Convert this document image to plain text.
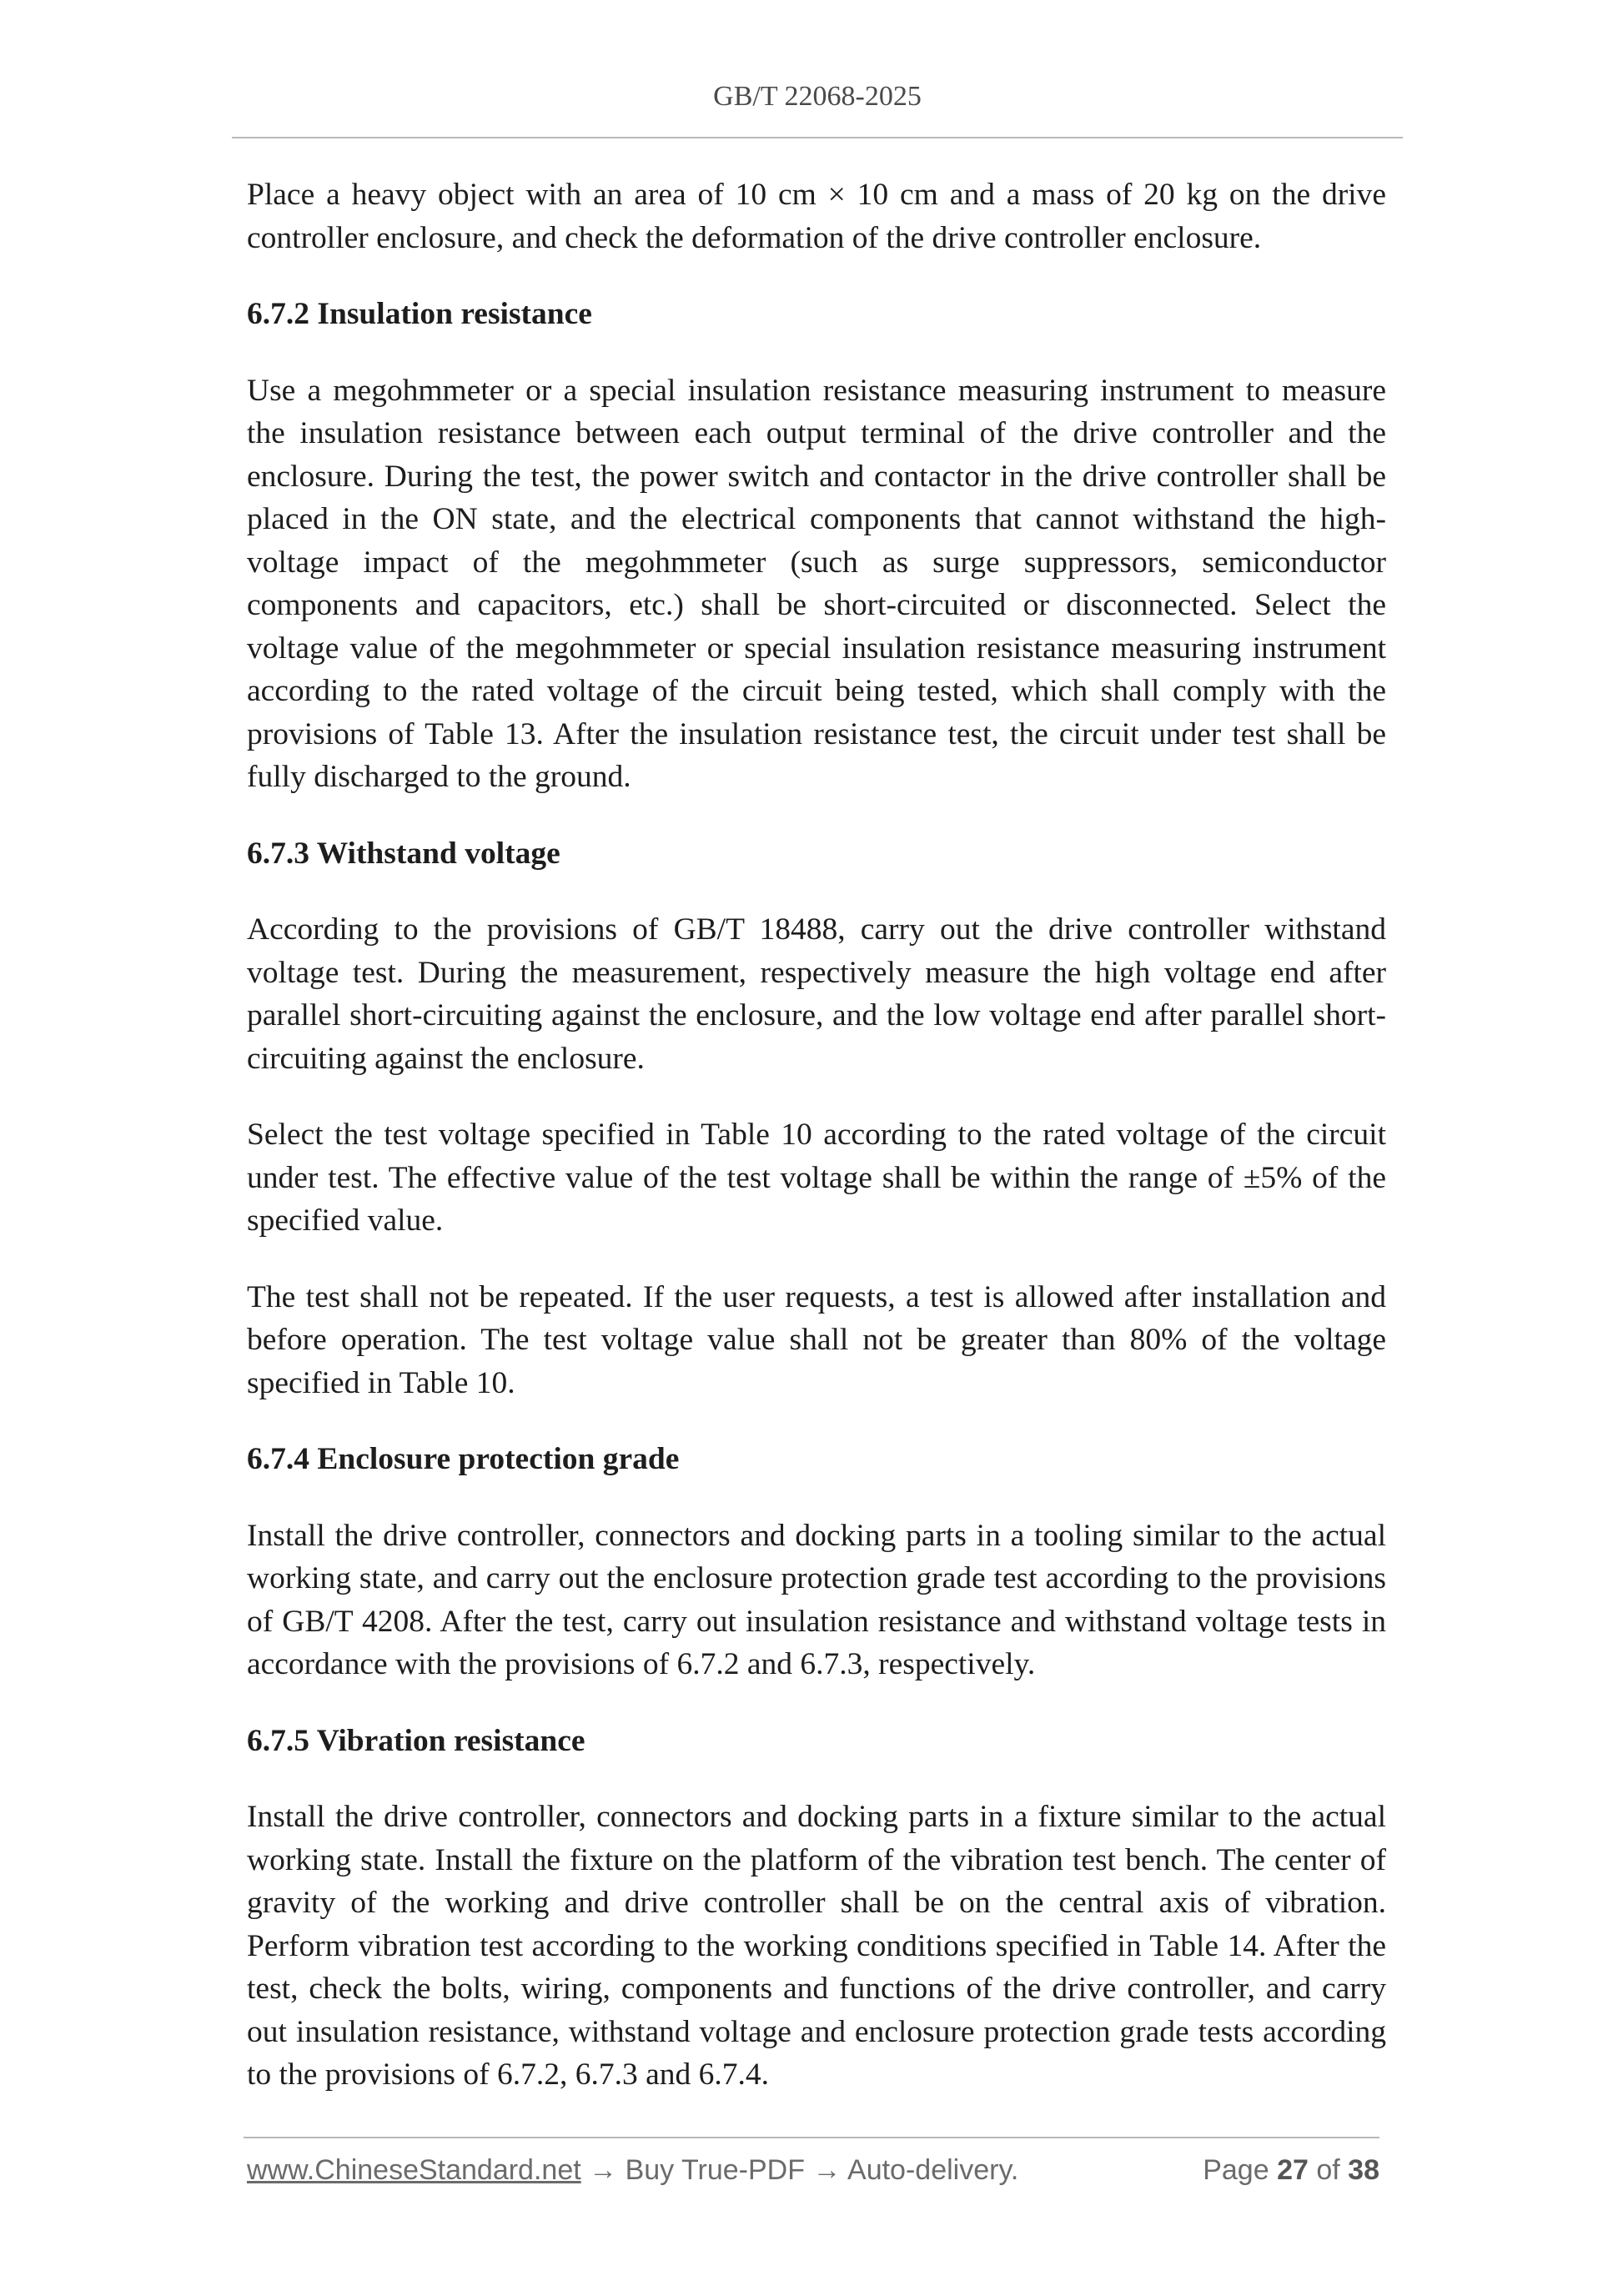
GB/T 22068-2025

Place a heavy object with an area of 10 cm × 10 cm and a mass of 20 kg on the drive controller enclosure, and check the deformation of the drive controller enclosure.

6.7.2 Insulation resistance

Use a megohmmeter or a special insulation resistance measuring instrument to measure the insulation resistance between each output terminal of the drive controller and the enclosure. During the test, the power switch and contactor in the drive controller shall be placed in the ON state, and the electrical components that cannot withstand the high-voltage impact of the megohmmeter (such as surge suppressors, semiconductor components and capacitors, etc.) shall be short-circuited or disconnected. Select the voltage value of the megohmmeter or special insulation resistance measuring instrument according to the rated voltage of the circuit being tested, which shall comply with the provisions of Table 13. After the insulation resistance test, the circuit under test shall be fully discharged to the ground.

6.7.3 Withstand voltage

According to the provisions of GB/T 18488, carry out the drive controller withstand voltage test. During the measurement, respectively measure the high voltage end after parallel short-circuiting against the enclosure, and the low voltage end after parallel short-circuiting against the enclosure.

Select the test voltage specified in Table 10 according to the rated voltage of the circuit under test. The effective value of the test voltage shall be within the range of ±5% of the specified value.

The test shall not be repeated. If the user requests, a test is allowed after installation and before operation. The test voltage value shall not be greater than 80% of the voltage specified in Table 10.

6.7.4 Enclosure protection grade

Install the drive controller, connectors and docking parts in a tooling similar to the actual working state, and carry out the enclosure protection grade test according to the provisions of GB/T 4208. After the test, carry out insulation resistance and withstand voltage tests in accordance with the provisions of 6.7.2 and 6.7.3, respectively.

6.7.5 Vibration resistance

Install the drive controller, connectors and docking parts in a fixture similar to the actual working state. Install the fixture on the platform of the vibration test bench. The center of gravity of the working and drive controller shall be on the central axis of vibration. Perform vibration test according to the working conditions specified in Table 14. After the test, check the bolts, wiring, components and functions of the drive controller, and carry out insulation resistance, withstand voltage and enclosure protection grade tests according to the provisions of 6.7.2, 6.7.3 and 6.7.4.

www.ChineseStandard.net → Buy True-PDF → Auto-delivery.	Page 27 of 38
